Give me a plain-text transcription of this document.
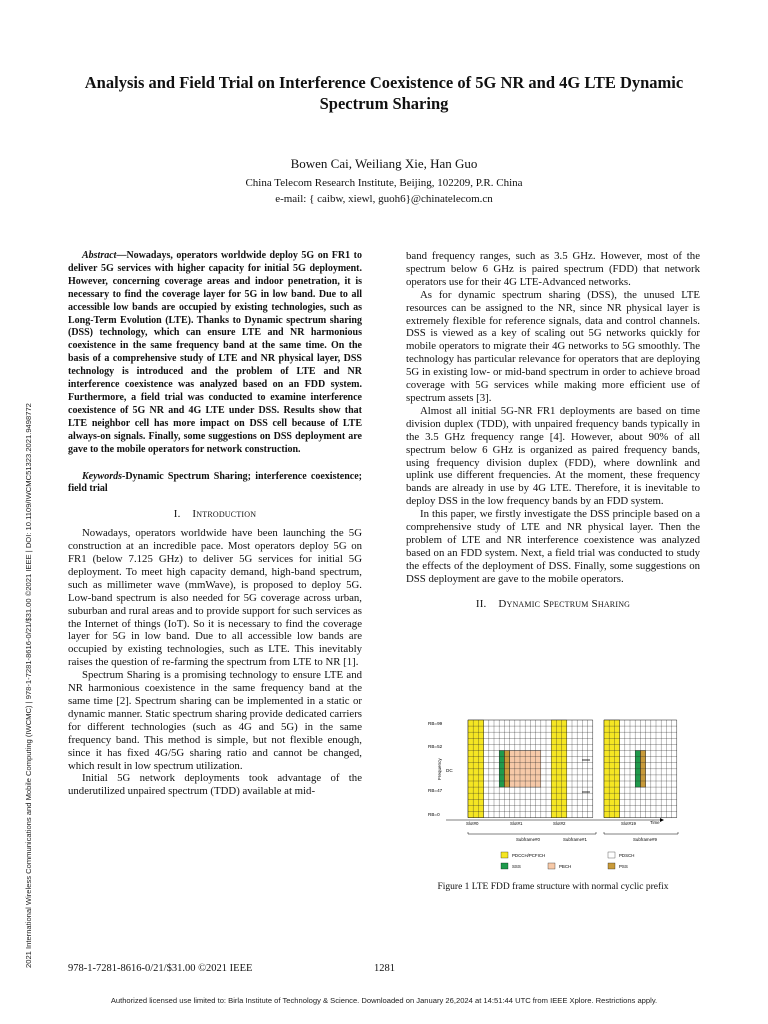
Analysis and Field Trial on Interference Coexistence of 5G NR and 4G LTE Dynamic Spectrum Sharing
Bowen Cai, Weiliang Xie, Han Guo
China Telecom Research Institute, Beijing, 102209, P.R. China
e-mail: { caibw, xiewl, guoh6}@chinatelecom.cn
2021 International Wireless Communications and Mobile Computing (IWCMC) | 978-1-7281-8616-0/21/$31.00 ©2021 IEEE | DOI: 10.1109/IWCMC51323.2021.9498772

Abstract—Nowadays, operators worldwide deploy 5G on FR1 to deliver 5G services with higher capacity for initial 5G deployment. However, concerning coverage areas and indoor penetration, it is necessary to find the coverage layer for 5G in low band. Due to all accessible low bands are occupied by existing technologies, such as Long-Term Evolution (LTE). Thanks to Dynamic spectrum sharing (DSS) technology, which can ensure LTE and NR harmonious coexistence in the same frequency band at the same time. On the basis of a comprehensive study of LTE and NR physical layer, DSS technology is introduced and the problem of LTE and NR interference coexistence was analyzed based on an FDD system. Furthermore, a field trial was conducted to examine interference coexistence of 5G NR and 4G LTE under DSS. Results show that LTE neighbor cell has more impact on DSS cell because of LTE always-on signals. Finally, some suggestions on DSS deployment are gave to the mobile operators for network construction.

Keywords-Dynamic Spectrum Sharing; interference coexistence; field trial

I. Introduction

Nowadays, operators worldwide have been launching the 5G construction at an incredible pace. Most operators deploy 5G on FR1 (below 7.125 GHz) to deliver 5G services for initial 5G deployment. To meet high capacity demand, high-band spectrum, such as millimeter wave (mmWave), is proposed to deploy 5G. Low-band spectrum is also needed for 5G coverage across urban, suburban and rural areas and to provide support for such services as the Internet of things (IoT). So it is necessary to find the coverage layer for 5G in low band. Due to all accessible low bands are occupied by existing technologies, such as LTE. This inevitably raises the question of re-farming the spectrum from LTE to NR [1].

Spectrum Sharing is a promising technology to ensure LTE and NR harmonious coexistence in the same frequency band at the same time [2]. Spectrum sharing can be implemented in a static or dynamic manner. Static spectrum sharing provide dedicated carriers for different technologies (such as 4G and 5G) in the same frequency band. This method is simple, but not flexible enough, since it has fixed 4G/5G sharing ratio and cannot be changed, which result in low spectrum utilization.

Initial 5G network deployments took advantage of the underutilized unpaired spectrum (TDD) available at mid-

band frequency ranges, such as 3.5 GHz. However, most of the spectrum below 6 GHz is paired spectrum (FDD) that network operators use for their 4G LTE-Advanced networks.

As for dynamic spectrum sharing (DSS), the unused LTE resources can be assigned to the NR, since NR physical layer is extremely flexible for reference signals, data and control channels. DSS is viewed as a key of scaling out 5G networks quickly for mobile operators to migrate their 4G networks to 5G smoothly. The technology has particular relevance for operators that are deploying 5G in existing low- or mid-band spectrum in order to achieve broad coverage with 5G services while making more efficient use of spectrum assets [3].

Almost all initial 5G-NR FR1 deployments are based on time division duplex (TDD), with unpaired frequency bands typically in the 3.5 GHz frequency range [4]. However, about 90% of all spectrum below 6 GHz is organized as paired frequency bands, using frequency division duplex (FDD), where downlink and uplink use different frequencies. At the moment, these frequency bands are already in use by 4G LTE. Therefore, it is inevitable to deploy DSS in the low frequency bands by an FDD system.

In this paper, we firstly investigate the DSS principle based on a comprehensive study of LTE and NR physical layer. Then the problem of LTE and NR interference coexistence was analyzed based on an FDD system. Next, a field trial was conducted to study the effects of the deployment of DSS. Finally, some suggestions on DSS deployment are gave to the mobile operators.

II. Dynamic Spectrum Sharing

RB=99
RB=52
RB=47
RB=0
DC
Frequency
Slot#0	Slot#1	Slot#2	Slot#19
Subframe#0	Subframe#1	Subframe#9
Time
PDCCH/PCFICH	PDSCH
SSS	PBCH	PSS
Figure 1 LTE FDD frame structure with normal cyclic prefix
978-1-7281-8616-0/21/$31.00 ©2021 IEEE	1281
Authorized licensed use limited to: Birla Institute of Technology & Science. Downloaded on January 26,2024 at 14:51:44 UTC from IEEE Xplore. Restrictions apply.
